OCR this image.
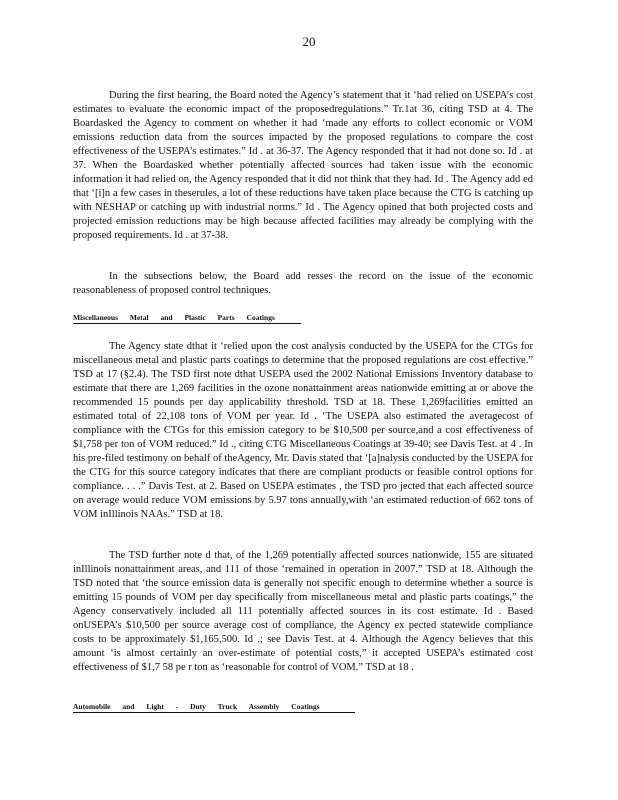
20

During the first hearing, the Board noted the Agency’s statement that it ‘had relied on USEPA’s cost estimates to evaluate the economic impact of the proposedregulations.” Tr.1at 36, citing TSD at 4. The Boardasked the Agency to comment on whether it had ‘made any efforts to collect economic or VOM emissions reduction data from the sources impacted by the proposed regulations to compare the cost effectiveness of the USEPA’s estimates.” Id . at 36-37. The Agency responded that it had not done so. Id . at 37. When the Boardasked whether potentially affected sources had taken issue with the economic information it had relied on, the Agency responded that it did not think that they had. Id . The Agency add ed that ‘[i]n a few cases in theserules, a lot of these reductions have taken place because the CTG is catching up with NESHAP or catching up with industrial norms.” Id . The Agency opined that both projected costs and projected emission reductions may be high because affected facilities may already be complying with the proposed requirements. Id . at 37-38.

In the subsections below, the Board add resses the record on the issue of the economic reasonableness of proposed control techniques.

Miscellaneous Metal and Plastic Parts Coatings

The Agency state dthat it ‘relied upon the cost analysis conducted by the USEPA for the CTGs for miscellaneous metal and plastic parts coatings to determine that the proposed regulations are cost effective.” TSD at 17 (§2.4). The TSD first note dthat USEPA used the 2002 National Emissions Inventory database to estimate that there are 1,269 facilities in the ozone nonattainment areas nationwide emitting at or above the recommended 15 pounds per day applicability threshold. TSD at 18. These 1,269facilities emitted an estimated total of 22,108 tons of VOM per year. Id . ‘The USEPA also estimated the averagecost of compliance with the CTGs for this emission category to be $10,500 per source,and a cost effectiveness of $1,758 per ton of VOM reduced.” Id ., citing CTG Miscellaneous Coatings at 39-40; see Davis Test. at 4 . In his pre-filed testimony on behalf of theAgency, Mr. Davis stated that ‘[a]nalysis conducted by the USEPA for the CTG for this source category indicates that there are compliant products or feasible control options for compliance. . . .” Davis Test. at 2. Based on USEPA estimates , the TSD pro jected that each affected source on average would reduce VOM emissions by 5.97 tons annually,with ‘an estimated reduction of 662 tons of VOM inIllinois NAAs.” TSD at 18.

The TSD further note d that, of the 1,269 potentially affected sources nationwide, 155 are situated inIllinois nonattainment areas, and 111 of those ‘remained in operation in 2007.” TSD at 18. Although the TSD noted that ‘the source emission data is generally not specific enough to determine whether a source is emitting 15 pounds of VOM per day specifically from miscellaneous metal and plastic parts coatings,” the Agency conservatively included all 111 potentially affected sources in its cost estimate. Id . Based onUSEPA’s $10,500 per source average cost of compliance, the Agency ex pected statewide compliance costs to be approximately $1,165,500. Id .; see Davis Test. at 4. Although the Agency believes that this amount ‘is almost certainly an over-estimate of potential costs,” it accepted USEPA’s estimated cost effectiveness of $1,7 58 pe r ton as ‘reasonable for control of VOM.” TSD at 18 .

Automobile and Light - Duty Truck Assembly Coatings
